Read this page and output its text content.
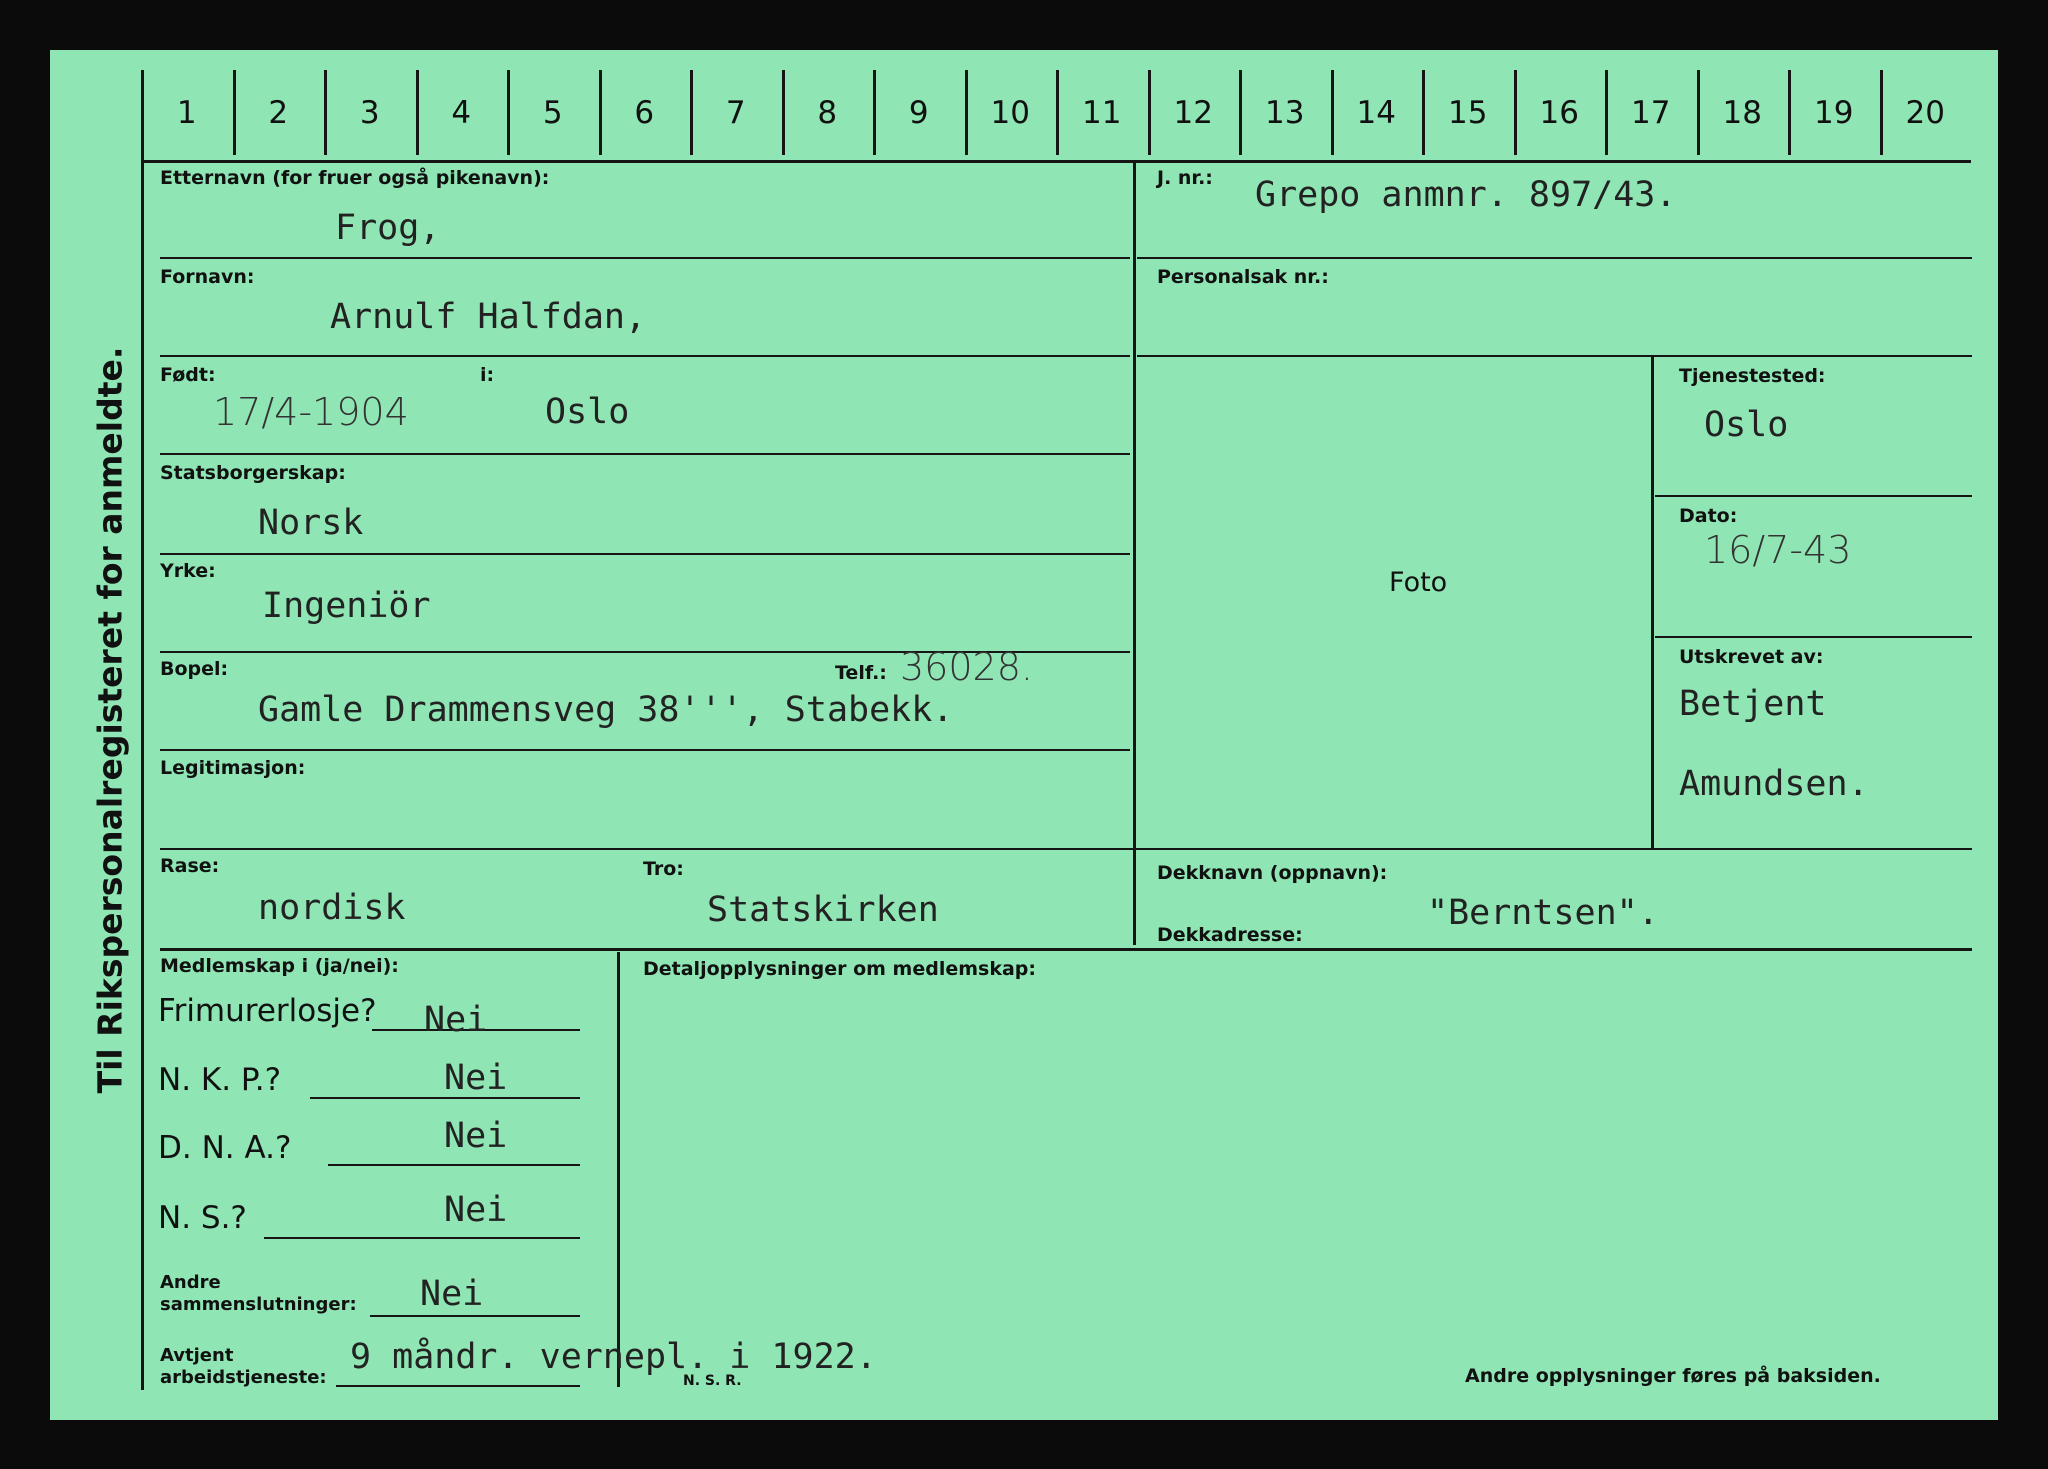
Til Rikspersonalregisteret for anmeldte.
1	2	3	4	5	6	7	8	9	10 11 12 13 14 15 16 17 18 19 20
Etternavn (for fruer også pikenavn):
Frog,
Fornavn:
Arnulf Halfdan,
Født:
17/4-1904
i:
Oslo
Statsborgerskap:
Norsk
Yrke:
Ingeniör
Bopel:	Telf.: 36028.
Gamle Drammensveg 38'''‚ Stabekk.
Legitimasjon:
Rase:
nordisk
Tro:
Statskirken
J. nr.: Grepo anmnr. 897/43.
Personalsak nr.:
Foto
Tjenestested:
Oslo
Dato:
16/7-43
Utskrevet av:
Betjent
Amundsen.
Dekknavn (oppnavn):
"Berntsen".
Dekkadresse:
Medlemskap i (ja/nei):	Detaljopplysninger om medlemskap:
Frimurerlosje? Nei
N. K. P.?	Nei
D. N. A.?	Nei
N. S.?	Nei
Andre
sammenslutninger: Nei
Avtjent
arbeidstjeneste:
9 måndr. vernepl. i 1922.
N. S. R.	Andre opplysninger føres på baksiden.
